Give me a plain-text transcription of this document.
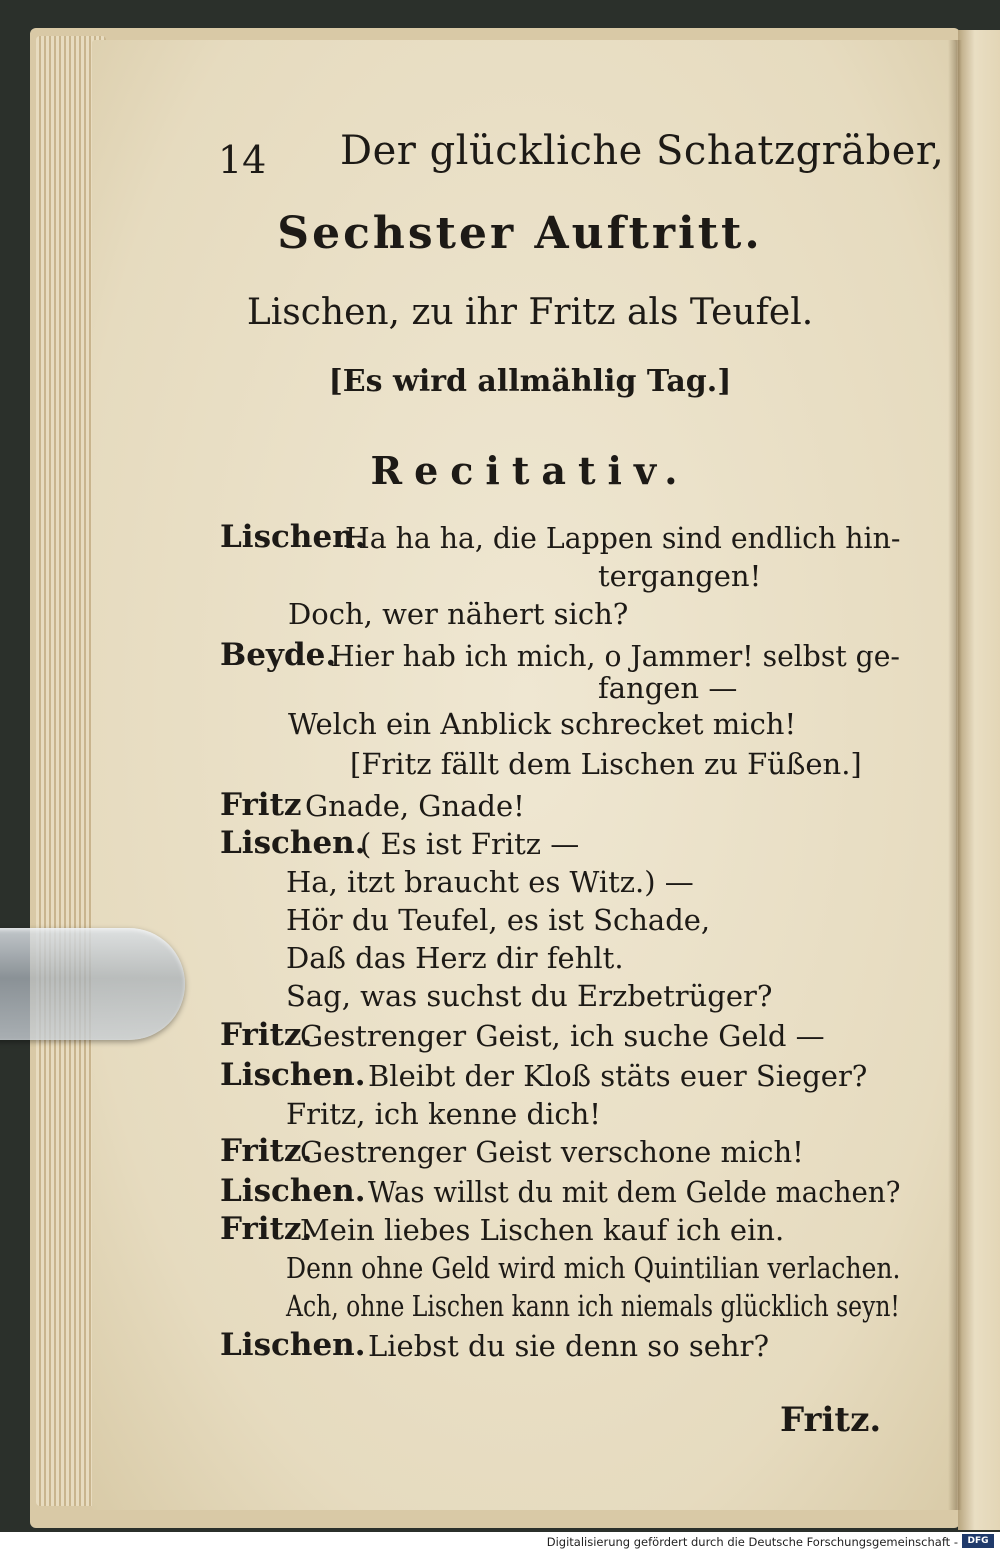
14 Der glückliche Schatzgräber,
Sechster Auftritt.
Lischen, zu ihr Fritz als Teufel.
[Es wird allmählig Tag.]
Recitativ.
Lischen.
Ha ha ha, die Lappen sind endlich hin-
tergangen!
Doch, wer nähert sich?
Beyde.
Hier hab ich mich, o Jammer! selbst ge-
fangen —
Welch ein Anblick schrecket mich!
[Fritz fällt dem Lischen zu Füßen.]
Fritz Gnade, Gnade!
Lischen.
( Es ist Fritz —
Ha, itzt braucht es Witz.) —
Hör du Teufel, es ist Schade,
Daß das Herz dir fehlt.
Sag, was suchst du Erzbetrüger?
Fritz.
Gestrenger Geist, ich suche Geld —
Lischen. Bleibt der Kloß stäts euer Sieger?
Fritz, ich kenne dich!
Fritz.
Gestrenger Geist verschone mich!
Lischen. Was willst du mit dem Gelde machen?
Fritz.
Mein liebes Lischen kauf ich ein.
Denn ohne Geld wird mich Quintilian verlachen.
Ach, ohne Lischen kann ich niemals glücklich seyn!
Lischen. Liebst du sie denn so sehr?
Fritz.
Digitalisierung gefördert durch die Deutsche Forschungsgemeinschaft -	DFG
